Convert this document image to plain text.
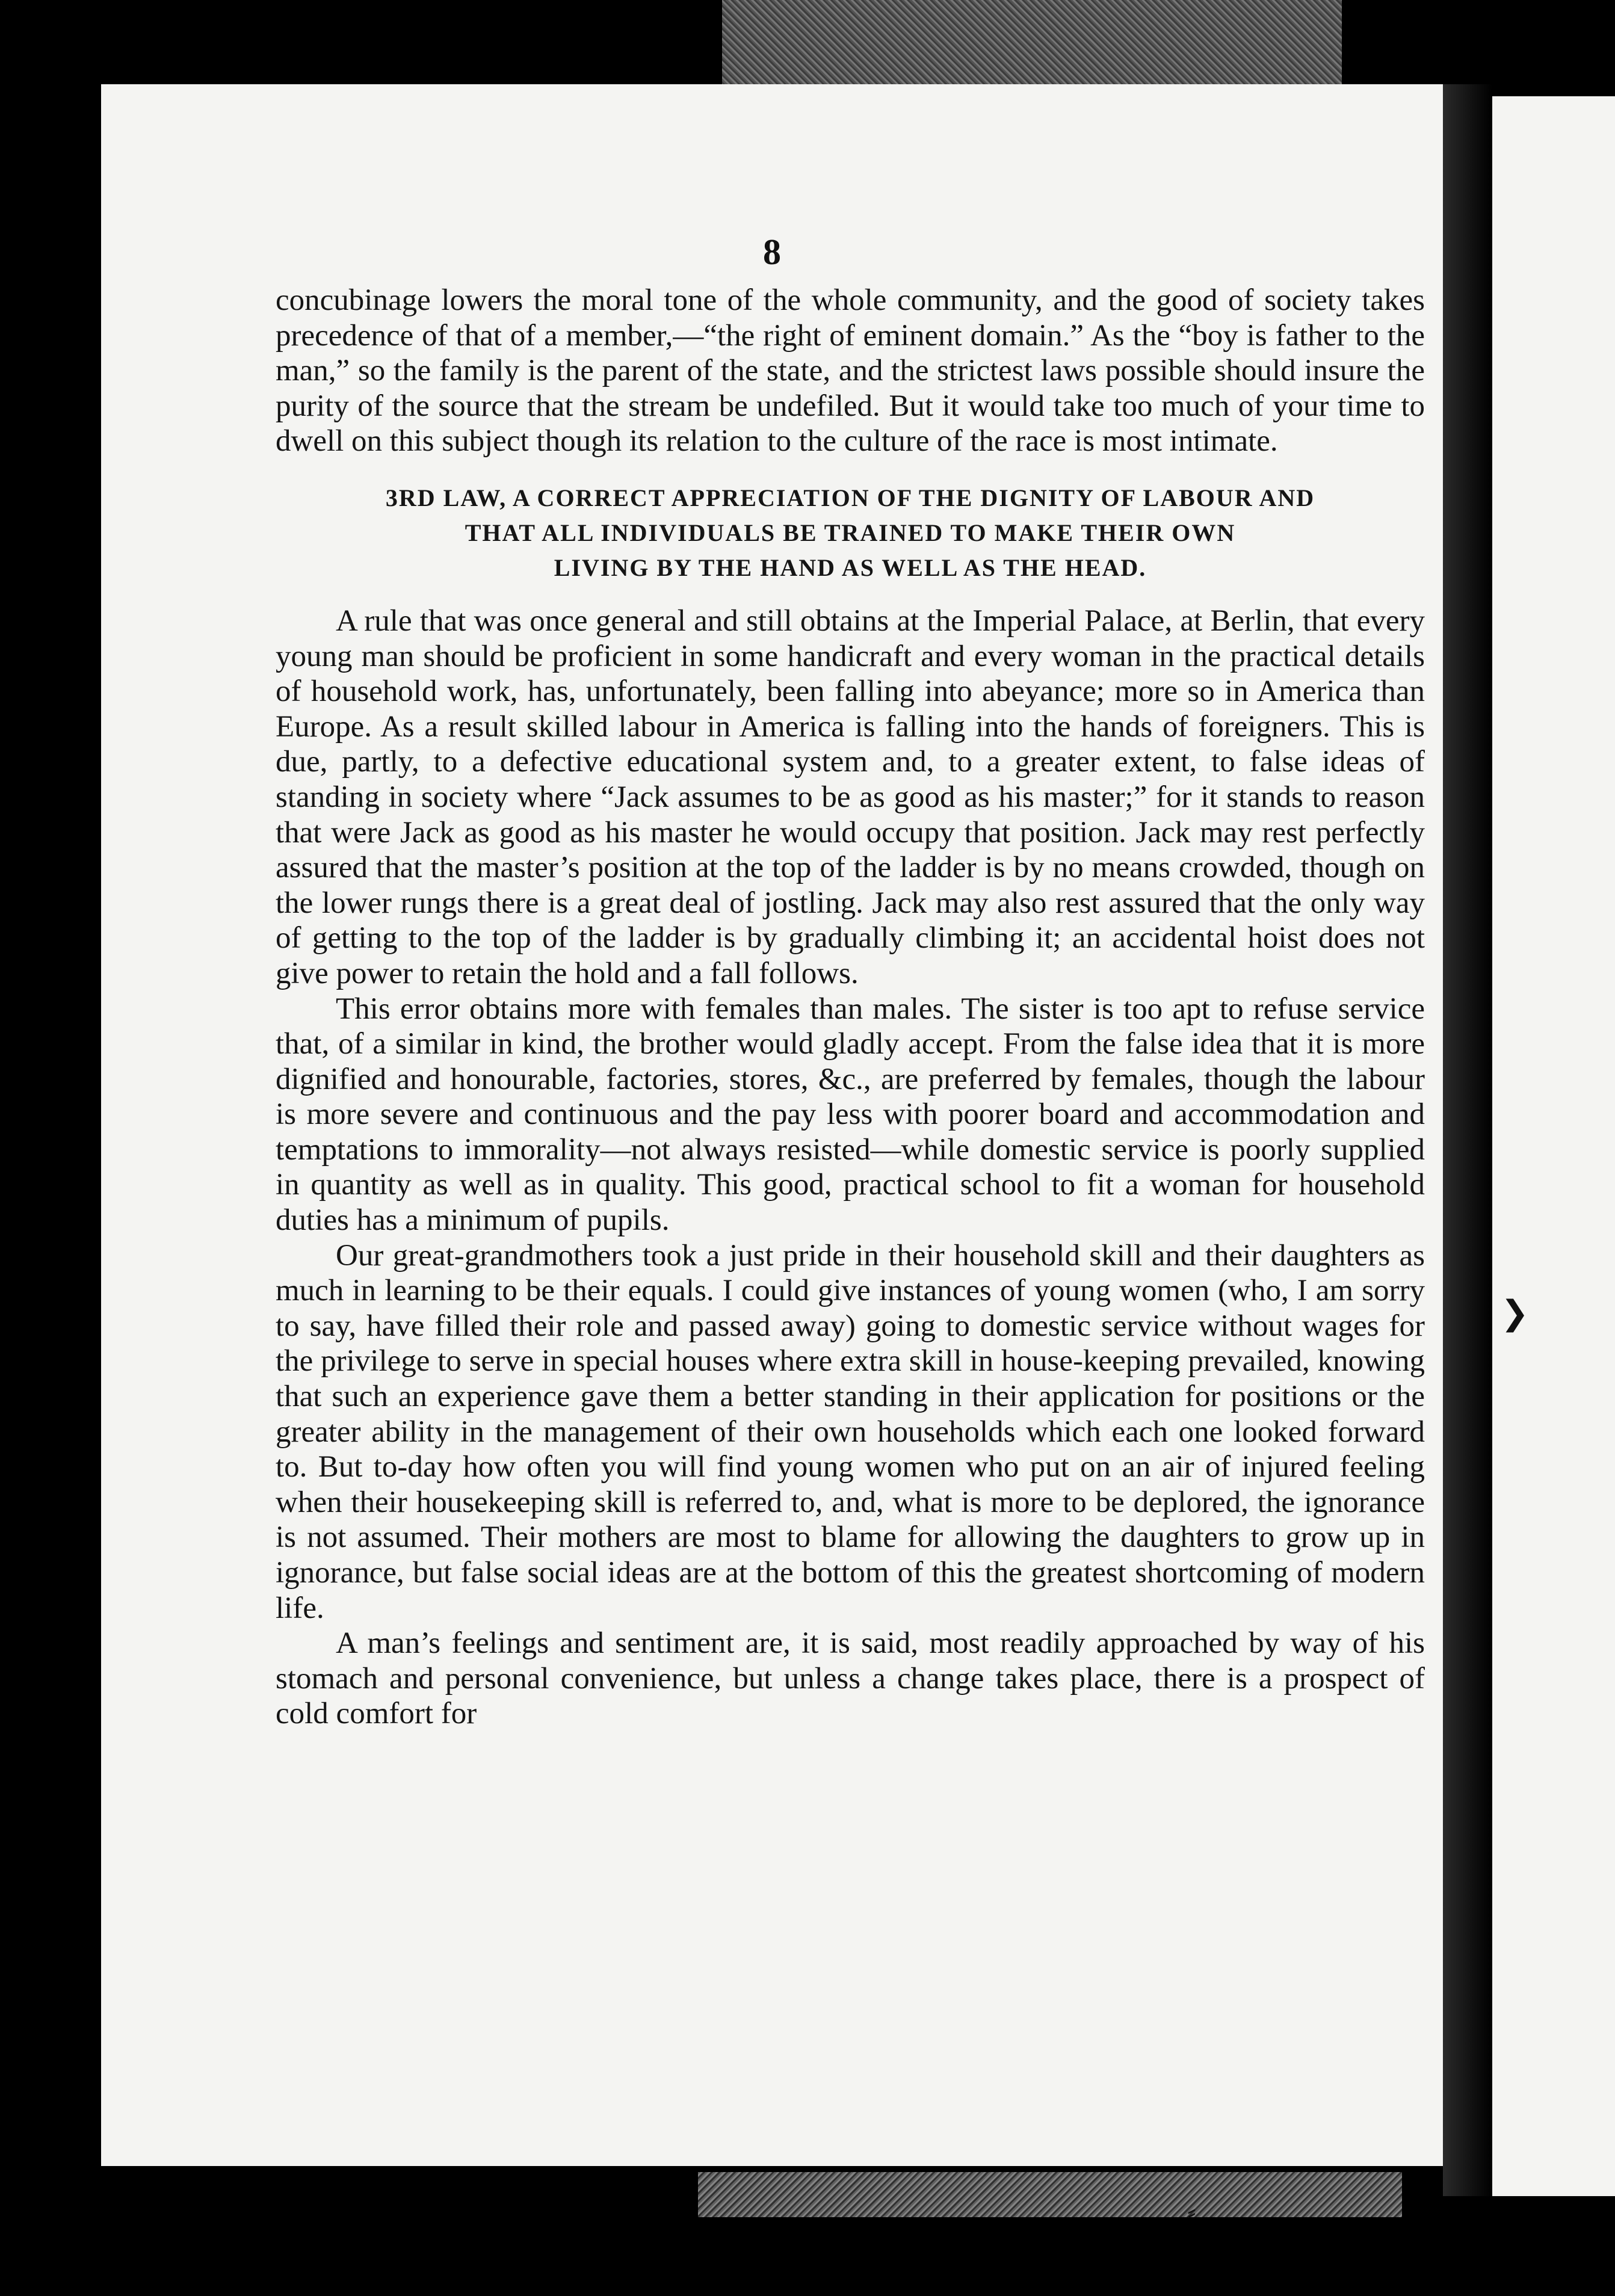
8

concubinage lowers the moral tone of the whole community, and the good of society takes precedence of that of a member,—“the right of eminent domain.” As the “boy is father to the man,” so the family is the parent of the state, and the strictest laws possible should insure the purity of the source that the stream be undefiled. But it would take too much of your time to dwell on this subject though its relation to the culture of the race is most intimate.

3RD LAW, A CORRECT APPRECIATION OF THE DIGNITY OF LABOUR AND
THAT ALL INDIVIDUALS BE TRAINED TO MAKE THEIR OWN
LIVING BY THE HAND AS WELL AS THE HEAD.

A rule that was once general and still obtains at the Imperial Palace, at Berlin, that every young man should be proficient in some handicraft and every woman in the practical details of household work, has, unfortunately, been falling into abeyance; more so in America than Europe. As a result skilled labour in America is falling into the hands of foreigners. This is due, partly, to a defective educational system and, to a greater extent, to false ideas of standing in society where “Jack assumes to be as good as his master;” for it stands to reason that were Jack as good as his master he would occupy that position. Jack may rest perfectly assured that the master’s position at the top of the ladder is by no means crowded, though on the lower rungs there is a great deal of jostling. Jack may also rest assured that the only way of getting to the top of the ladder is by gradually climbing it; an accidental hoist does not give power to retain the hold and a fall follows.

This error obtains more with females than males. The sister is too apt to refuse service that, of a similar in kind, the brother would gladly accept. From the false idea that it is more dignified and honourable, factories, stores, &c., are preferred by females, though the labour is more severe and continuous and the pay less with poorer board and accommodation and temptations to immorality—not always resisted—while domestic service is poorly supplied in quantity as well as in quality. This good, practical school to fit a woman for household duties has a minimum of pupils.

Our great-grandmothers took a just pride in their household skill and their daughters as much in learning to be their equals. I could give instances of young women (who, I am sorry to say, have filled their role and passed away) going to domestic service without wages for the privilege to serve in special houses where extra skill in house-keeping prevailed, knowing that such an experience gave them a better standing in their application for positions or the greater ability in the management of their own households which each one looked forward to. But to-day how often you will find young women who put on an air of injured feeling when their housekeeping skill is referred to, and, what is more to be deplored, the ignorance is not assumed. Their mothers are most to blame for allowing the daughters to grow up in ignorance, but false social ideas are at the bottom of this the greatest shortcoming of modern life.

A man’s feelings and sentiment are, it is said, most readily approached by way of his stomach and personal convenience, but unless a change takes place, there is a prospect of cold comfort for

⸗
❯
